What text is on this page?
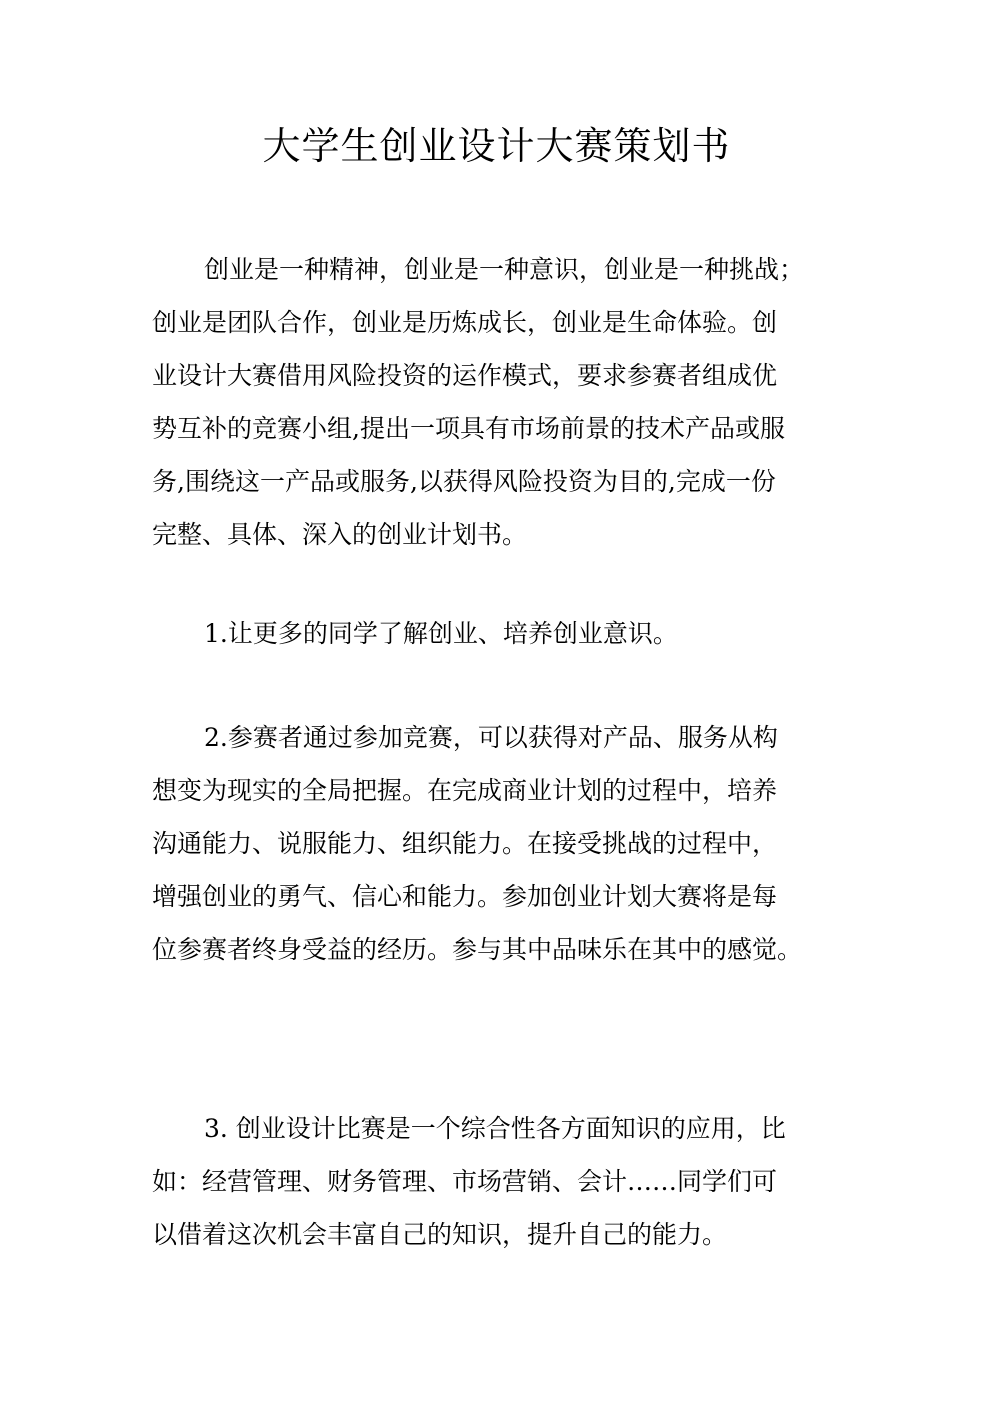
大学生创业设计大赛策划书
创业是一种精神，创业是一种意识，创业是一种挑战；
创业是团队合作，创业是历炼成长，创业是生命体验。创
业设计大赛借用风险投资的运作模式，要求参赛者组成优
势互补的竞赛小组,提出一项具有市场前景的技术产品或服
务,围绕这一产品或服务,以获得风险投资为目的,完成一份
完整、具体、深入的创业计划书。
1.让更多的同学了解创业、培养创业意识。
2.参赛者通过参加竞赛，可以获得对产品、服务从构
想变为现实的全局把握。在完成商业计划的过程中，培养
沟通能力、说服能力、组织能力。在接受挑战的过程中，
增强创业的勇气、信心和能力。参加创业计划大赛将是每
位参赛者终身受益的经历。参与其中品味乐在其中的感觉。
3. 创业设计比赛是一个综合性各方面知识的应用，比
如：经营管理、财务管理、市场营销、会计……同学们可
以借着这次机会丰富自己的知识，提升自己的能力。
